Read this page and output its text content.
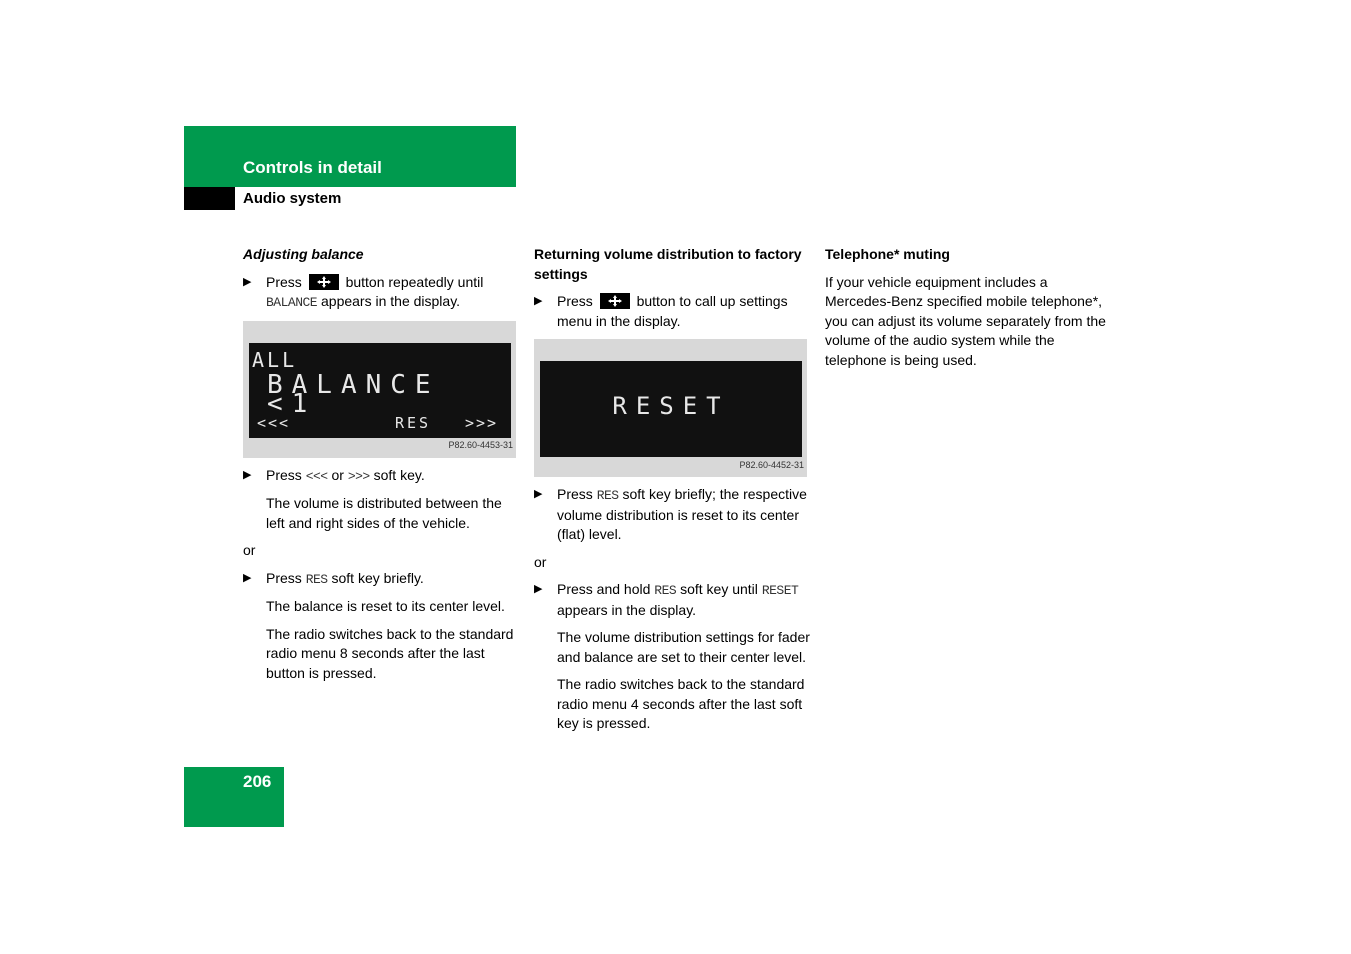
Controls in detail
Audio system
Adjusting balance
▶ Press	button repeatedly until BALANCE appears in the display.
ALL
BALANCE <1
<<<	RES >>>
P82.60-4453-31
▶ Press <<< or >>> soft key.
The volume is distributed between the left and right sides of the vehicle.
or
▶ Press RES soft key briefly.
The balance is reset to its center level.
The radio switches back to the standard radio menu 8 seconds after the last button is pressed.
Returning volume distribution to factory settings
▶ Press	button to call up settings menu in the display.
RESET
P82.60-4452-31
▶ Press RES soft key briefly; the respective volume distribution is reset to its center (flat) level.
or
▶ Press and hold RES soft key until RESET appears in the display.
The volume distribution settings for fader and balance are set to their center level.
The radio switches back to the standard radio menu 4 seconds after the last soft key is pressed.
Telephone* muting
If your vehicle equipment includes a Mercedes-Benz specified mobile telephone*, you can adjust its volume separately from the volume of the audio system while the telephone is being used.
206
